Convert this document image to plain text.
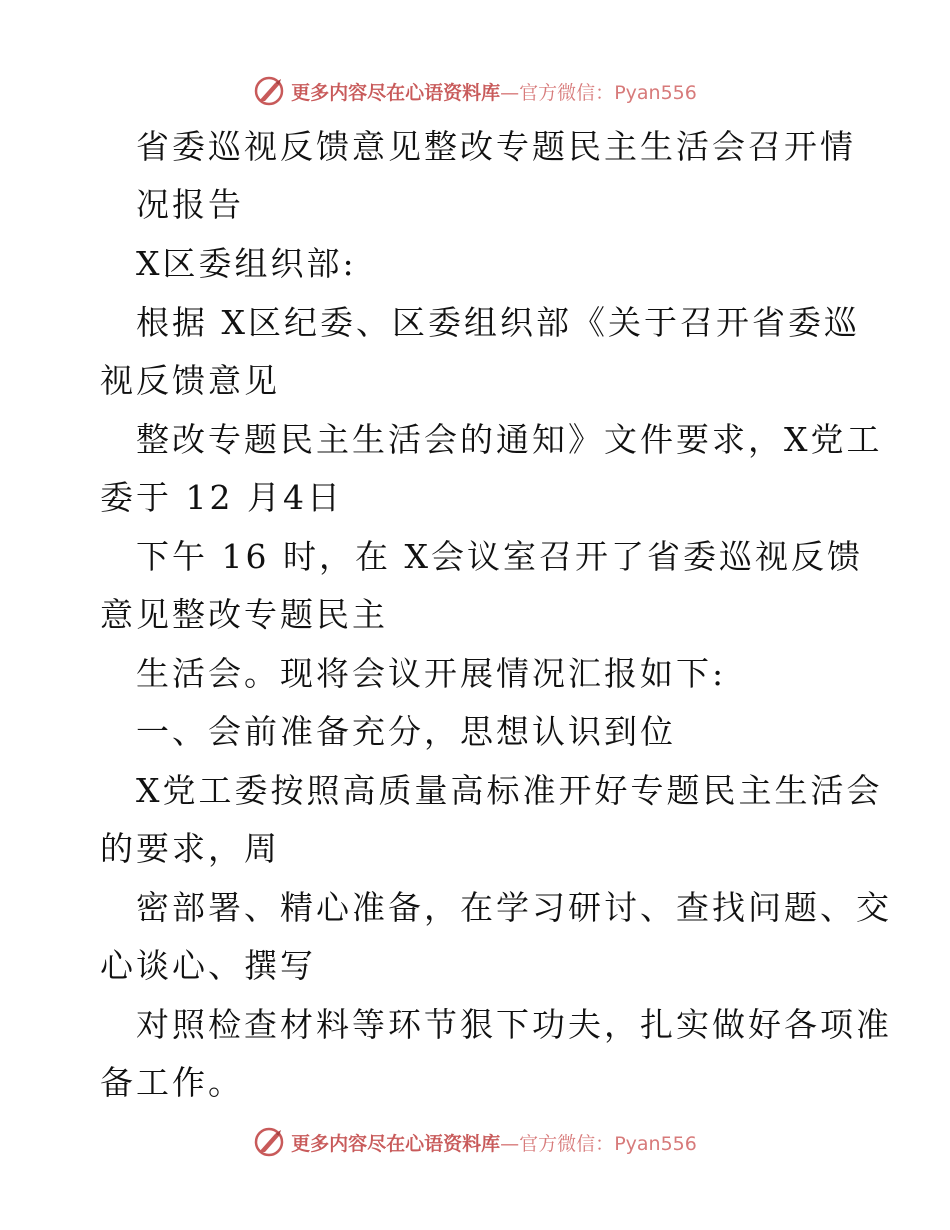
更多内容尽在心语资料库—官方微信：Pyan556
省委巡视反馈意见整改专题民主生活会召开情
况报告
X区委组织部:
根据 X区纪委、区委组织部《关于召开省委巡
视反馈意见
整改专题民主生活会的通知》文件要求，X党工
委于 12 月4日
下午 16 时，在 X会议室召开了省委巡视反馈
意见整改专题民主
生活会。现将会议开展情况汇报如下:
一、会前准备充分，思想认识到位
X党工委按照高质量高标准开好专题民主生活会
的要求，周
密部署、精心准备，在学习研讨、查找问题、交
心谈心、撰写
对照检查材料等环节狠下功夫，扎实做好各项准
备工作。
更多内容尽在心语资料库—官方微信：Pyan556
